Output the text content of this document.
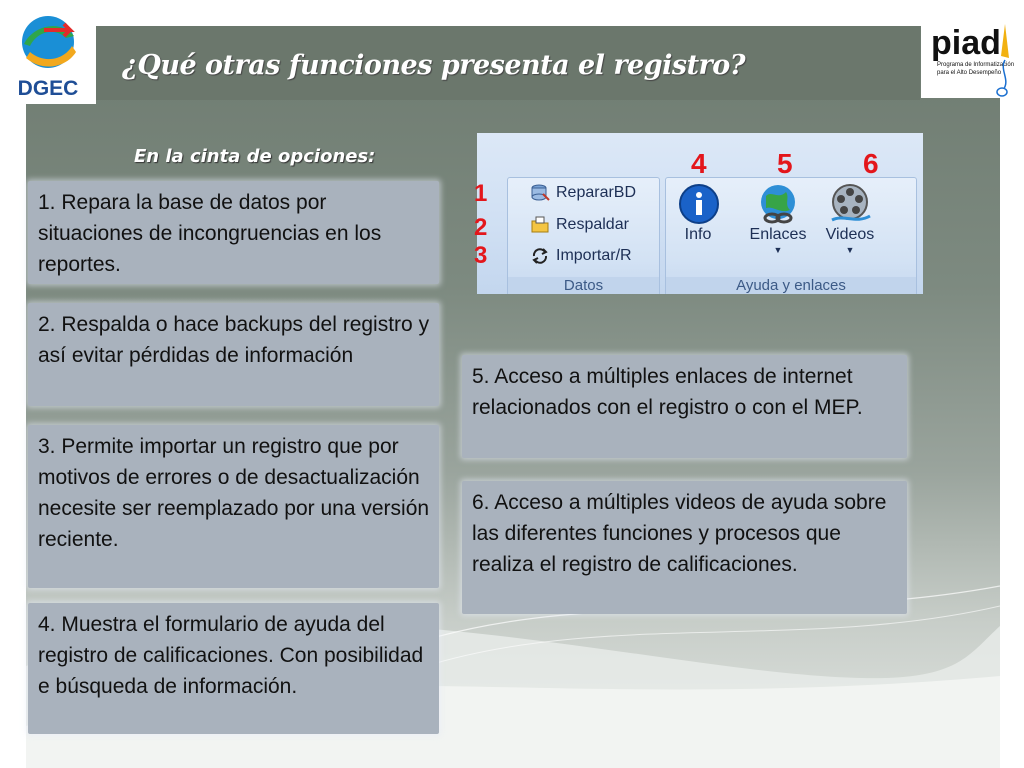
¿Qué otras funciones presenta el registro?
DGEC
piad
Programa de Informatización
para el Alto Desempeño
En la cinta de opciones:
RepararBD
Respaldar
Importar/R
Datos
Info	Enlaces
▼
Videos
▼
Ayuda y enlaces
1
2
3
4	5	6
1. Repara la base de datos por situaciones de incongruencias en los reportes.
2. Respalda o hace backups del registro y así evitar pérdidas de información
3. Permite importar un registro que por motivos de errores o de desactualización necesite ser reemplazado por una versión reciente.
4. Muestra el formulario de ayuda del registro de calificaciones. Con posibilidad e búsqueda de información.
5. Acceso a múltiples enlaces de internet relacionados con el registro o con el MEP.
6. Acceso a múltiples videos de ayuda sobre las diferentes funciones y procesos que realiza el registro de calificaciones.
